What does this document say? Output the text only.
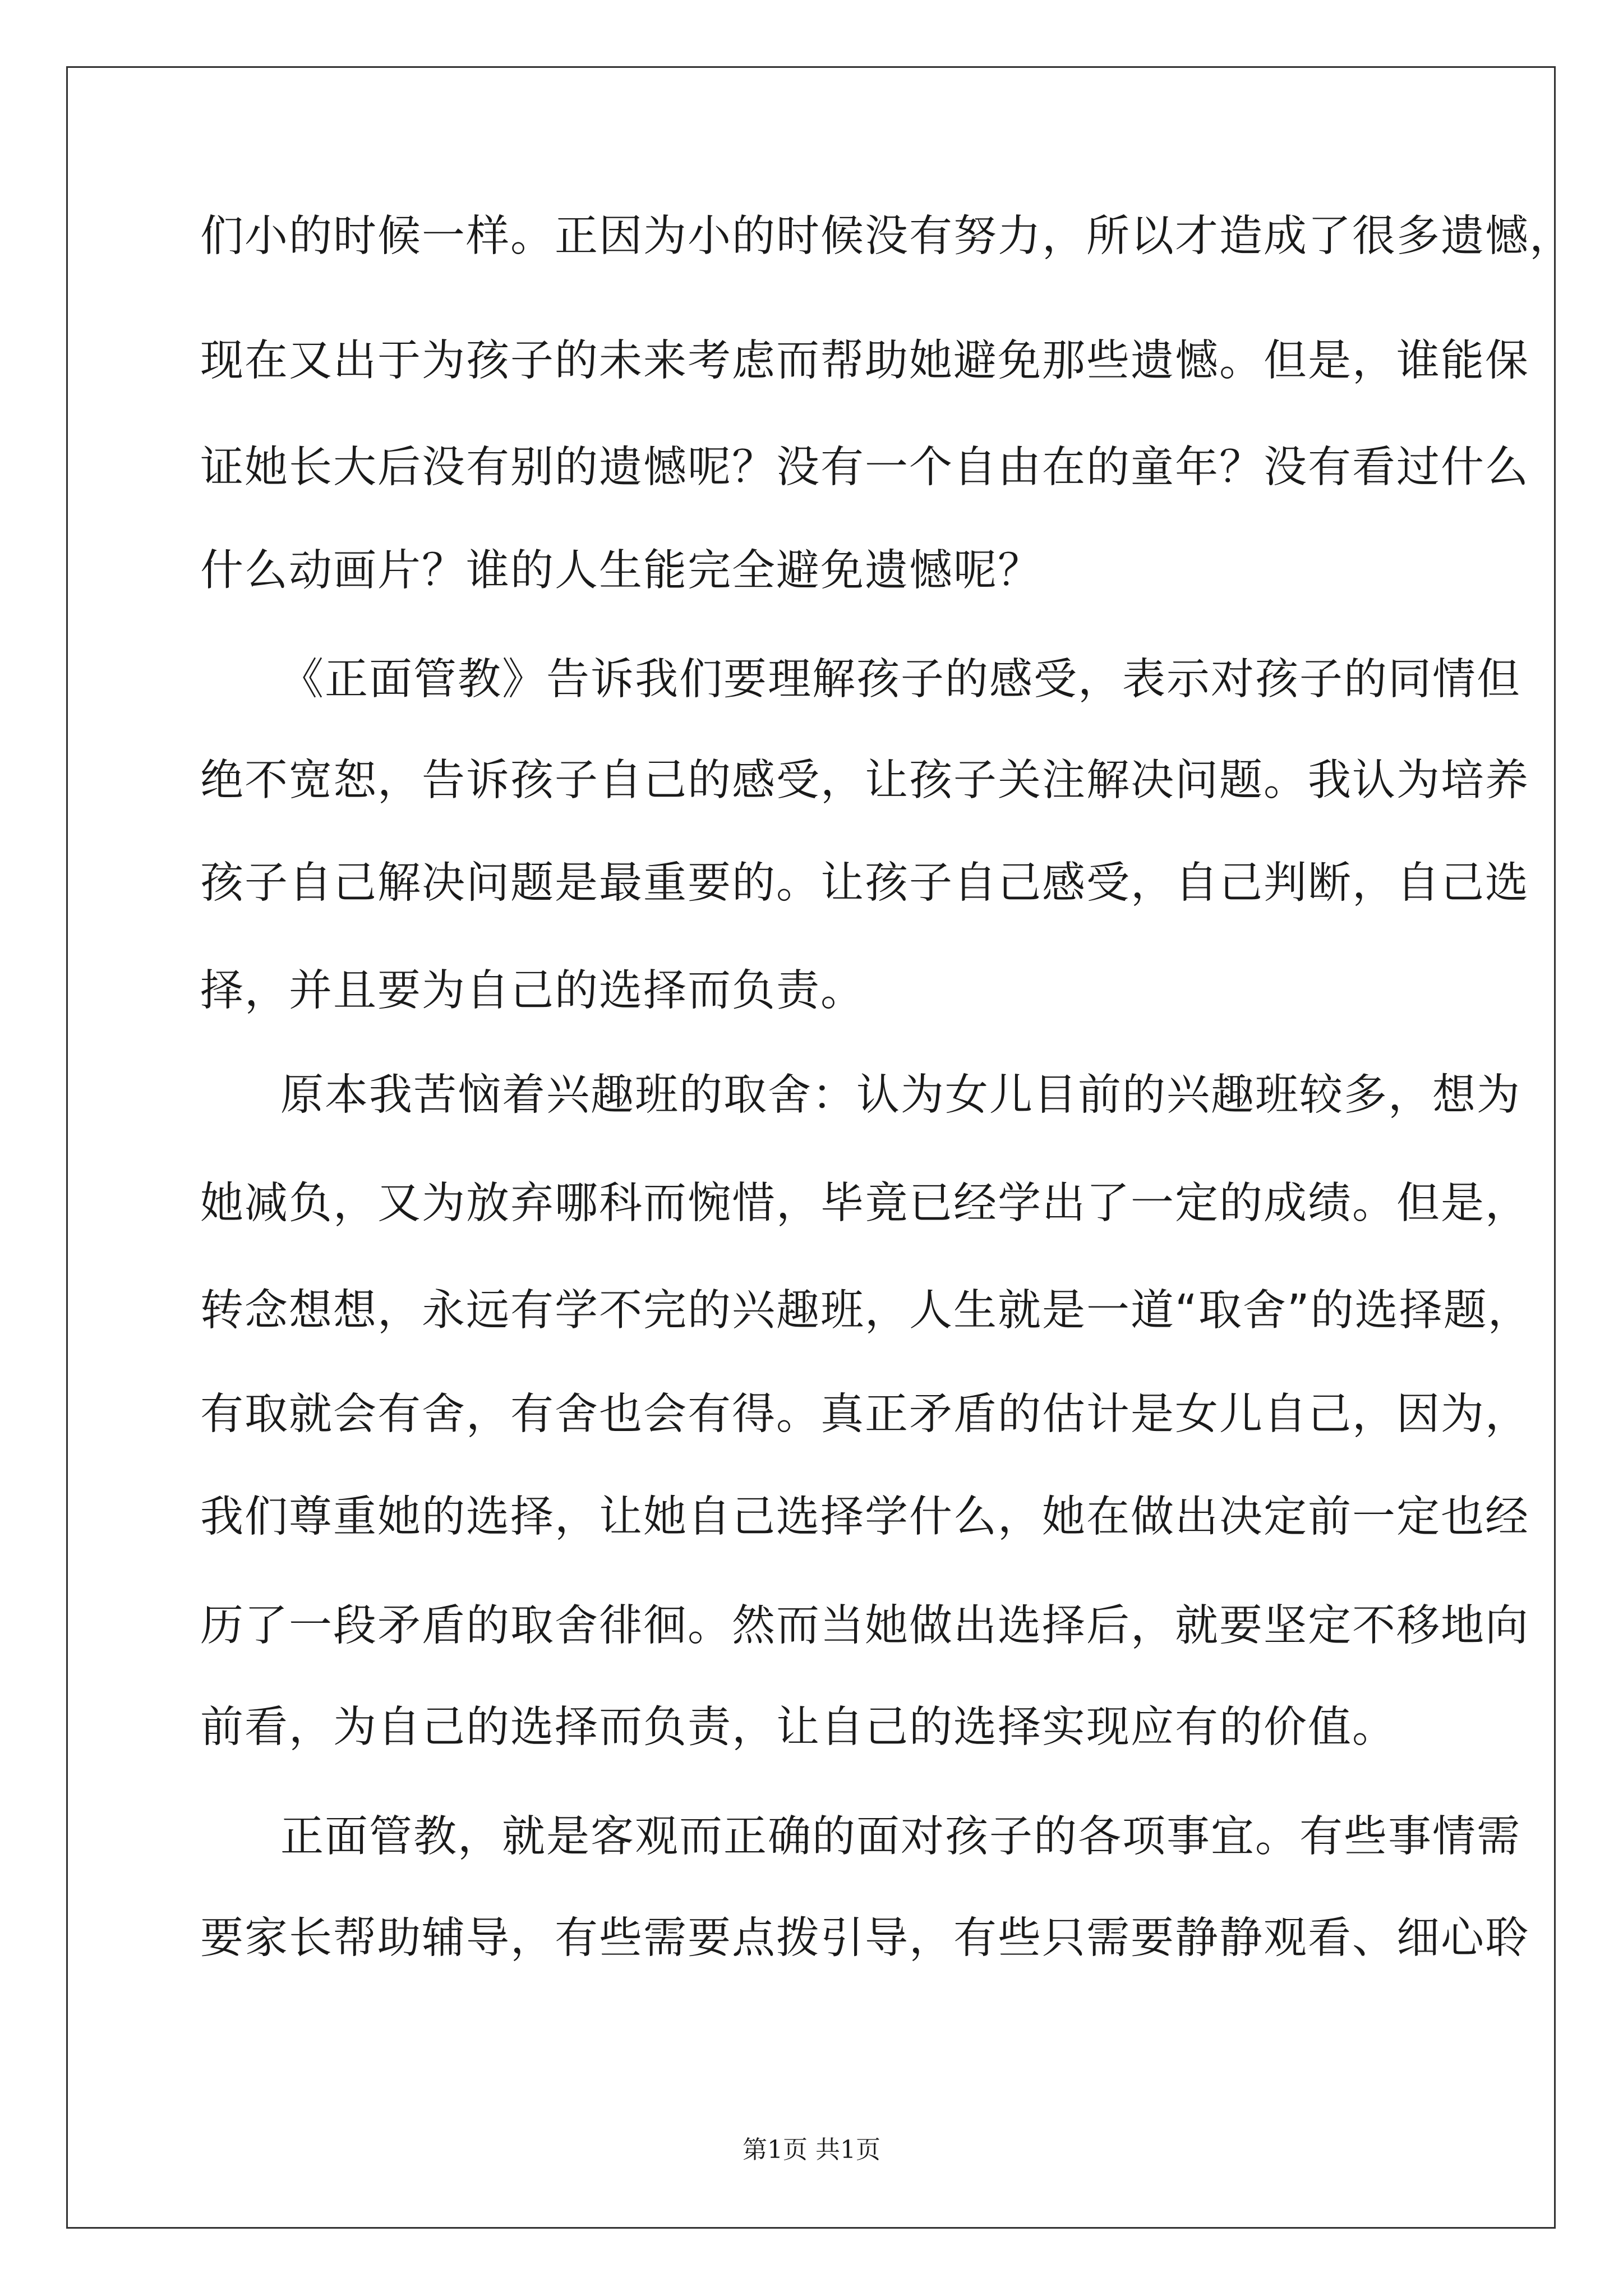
们小的时候一样。正因为小的时候没有努力，所以才造成了很多遗憾，
现在又出于为孩子的未来考虑而帮助她避免那些遗憾。但是，谁能保
证她长大后没有别的遗憾呢？没有一个自由在的童年？没有看过什么
什么动画片？谁的人生能完全避免遗憾呢？
《正面管教》告诉我们要理解孩子的感受，表示对孩子的同情但
绝不宽恕，告诉孩子自己的感受，让孩子关注解决问题。我认为培养
孩子自己解决问题是最重要的。让孩子自己感受，自己判断，自己选
择，并且要为自己的选择而负责。
原本我苦恼着兴趣班的取舍：认为女儿目前的兴趣班较多，想为
她减负，又为放弃哪科而惋惜，毕竟已经学出了一定的成绩。但是，
转念想想，永远有学不完的兴趣班，人生就是一道“取舍”的选择题，
有取就会有舍，有舍也会有得。真正矛盾的估计是女儿自己，因为，
我们尊重她的选择，让她自己选择学什么，她在做出决定前一定也经
历了一段矛盾的取舍徘徊。然而当她做出选择后，就要坚定不移地向
前看，为自己的选择而负责，让自己的选择实现应有的价值。
正面管教，就是客观而正确的面对孩子的各项事宜。有些事情需
要家长帮助辅导，有些需要点拨引导，有些只需要静静观看、细心聆
第1页 共1页
